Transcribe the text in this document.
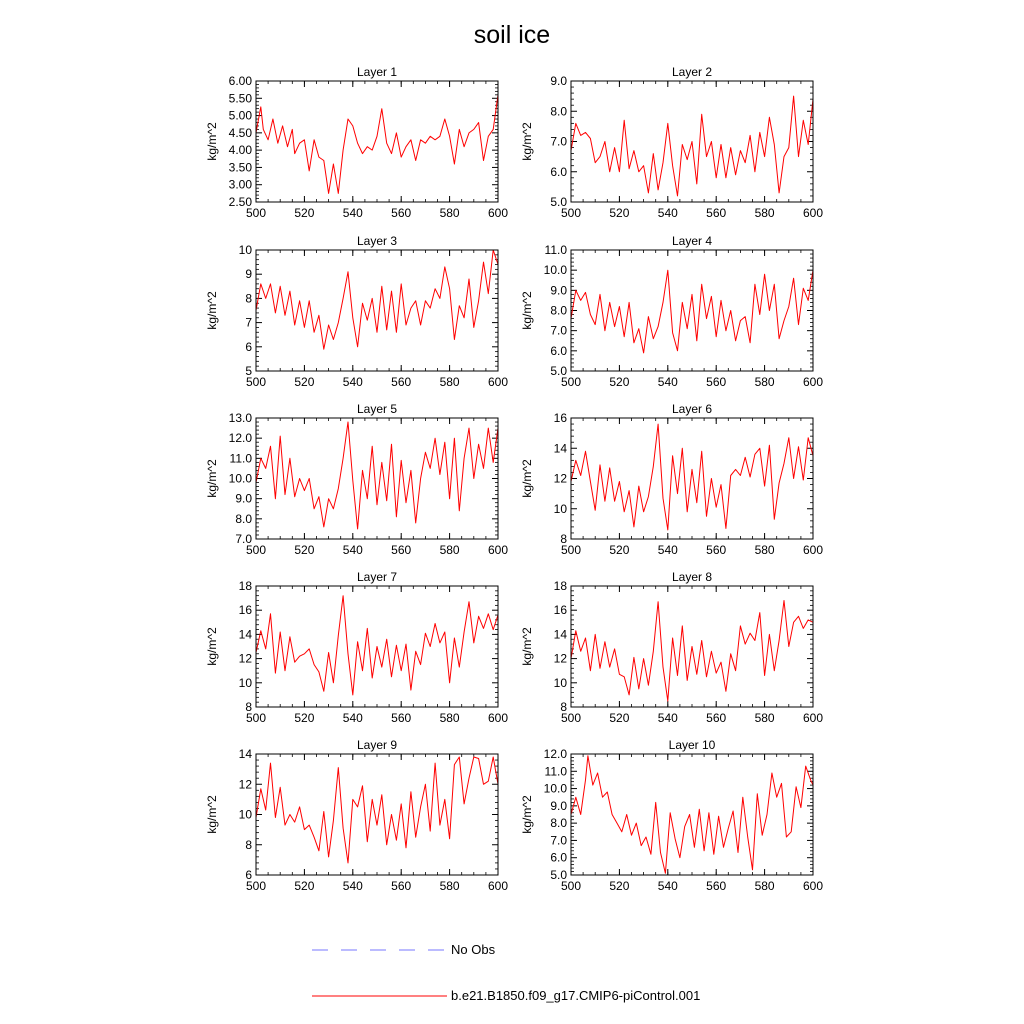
soil ice
No Obs
b.e21.B1850.f09_g17.CMIP6-piControl.001
Layer 1
500 520 540 560 580 600
2.50
3.00
3.50
4.00
4.50
5.00
5.50
6.00
kg/m^2
Layer 2
500 520 540 560 580 600
5.0
6.0
7.0
8.0
9.0
kg/m^2
Layer 3
500 520 540 560 580 600
5
6
7
8
9
10
kg/m^2
Layer 4
500 520 540 560 580 600
5.0
6.0
7.0
8.0
9.0
10.0
11.0
kg/m^2
Layer 5
500 520 540 560 580 600
7.0
8.0
9.0
10.0
11.0
12.0
13.0
kg/m^2
Layer 6
500 520 540 560 580 600
8
10
12
14
16
kg/m^2
Layer 7
500 520 540 560 580 600
8
10
12
14
16
18
kg/m^2
Layer 8
500 520 540 560 580 600
8
10
12
14
16
18
kg/m^2
Layer 9
500 520 540 560 580 600
6
8
10
12
14
kg/m^2
Layer 10
500 520 540 560 580 600
5.0
6.0
7.0
8.0
9.0
10.0
11.0
12.0
kg/m^2
